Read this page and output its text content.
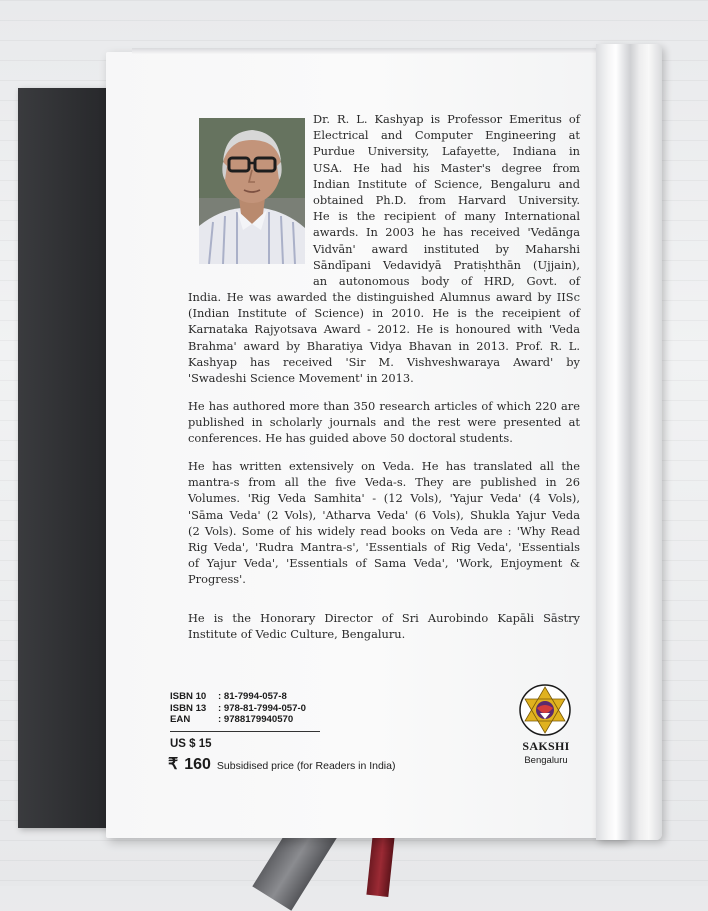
Dr. R. L. Kashyap is Professor Emeritus of
Electrical and Computer Engineering at
Purdue University, Lafayette, Indiana in
USA. He had his Master's degree from
Indian Institute of Science, Bengaluru and
obtained Ph.D. from Harvard University.
He is the recipient of many International
awards. In 2003 he has received 'Vedānga
Vidvān' award instituted by Maharshi
Sāndīpani Vedavidyā Pratiṣhthān (Ujjain),
an autonomous body of HRD, Govt. of
India. He was awarded the distinguished Alumnus award by IISc
(Indian Institute of Science) in 2010. He is the receipient of
Karnataka Rajyotsava Award - 2012. He is honoured with 'Veda
Brahma' award by Bharatiya Vidya Bhavan in 2013. Prof. R. L.
Kashyap has received 'Sir M. Vishveshwaraya Award' by
'Swadeshi Science Movement' in 2013.
He has authored more than 350 research articles of which 220 are
published in scholarly journals and the rest were presented at
conferences. He has guided above 50 doctoral students.
He has written extensively on Veda. He has translated all the
mantra-s from all the five Veda-s. They are published in 26
Volumes. 'Rig Veda Samhita' - (12 Vols), 'Yajur Veda' (4 Vols),
'Sāma Veda' (2 Vols), 'Atharva Veda' (6 Vols), Shukla Yajur Veda
(2 Vols). Some of his widely read books on Veda are : 'Why Read
Rig Veda', 'Rudra Mantra-s', 'Essentials of Rig Veda', 'Essentials
of Yajur Veda', 'Essentials of Sama Veda', 'Work, Enjoyment &
Progress'.
He is the Honorary Director of Sri Aurobindo Kapāli Sāstry
Institute of Vedic Culture, Bengaluru.
ISBN 10	: 81-7994-057-8
ISBN 13	: 978-81-7994-057-0
EAN	: 9788179940570
US $ 15
₹ 160 Subsidised price (for Readers in India)
SAKSHI
Bengaluru
